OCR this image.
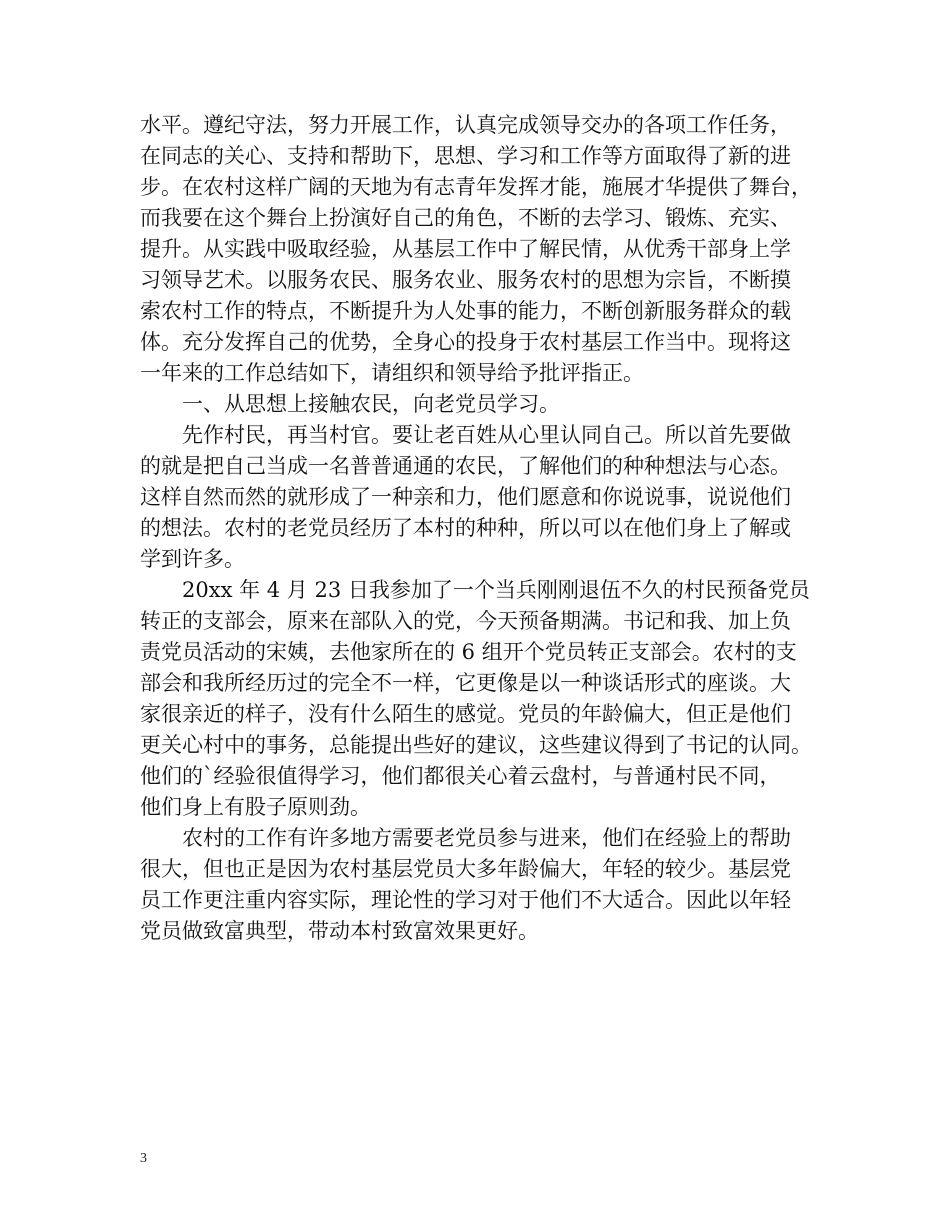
水平。遵纪守法，努力开展工作，认真完成领导交办的各项工作任务，

在同志的关心、支持和帮助下，思想、学习和工作等方面取得了新的进

步。在农村这样广阔的天地为有志青年发挥才能，施展才华提供了舞台，

而我要在这个舞台上扮演好自己的角色，不断的去学习、锻炼、充实、

提升。从实践中吸取经验，从基层工作中了解民情，从优秀干部身上学

习领导艺术。以服务农民、服务农业、服务农村的思想为宗旨，不断摸

索农村工作的特点，不断提升为人处事的能力，不断创新服务群众的载

体。充分发挥自己的优势，全身心的投身于农村基层工作当中。现将这

一年来的工作总结如下，请组织和领导给予批评指正。

一、从思想上接触农民，向老党员学习。

先作村民，再当村官。要让老百姓从心里认同自己。所以首先要做

的就是把自己当成一名普普通通的农民，了解他们的种种想法与心态。

这样自然而然的就形成了一种亲和力，他们愿意和你说说事，说说他们

的想法。农村的老党员经历了本村的种种，所以可以在他们身上了解或

学到许多。

20xx 年 4 月 23 日我参加了一个当兵刚刚退伍不久的村民预备党员

转正的支部会，原来在部队入的党，今天预备期满。书记和我、加上负

责党员活动的宋姨，去他家所在的 6 组开个党员转正支部会。农村的支

部会和我所经历过的完全不一样，它更像是以一种谈话形式的座谈。大

家很亲近的样子，没有什么陌生的感觉。党员的年龄偏大，但正是他们

更关心村中的事务，总能提出些好的建议，这些建议得到了书记的认同。

他们的`经验很值得学习，他们都很关心着云盘村，与普通村民不同，

他们身上有股子原则劲。

农村的工作有许多地方需要老党员参与进来，他们在经验上的帮助

很大，但也正是因为农村基层党员大多年龄偏大，年轻的较少。基层党

员工作更注重内容实际，理论性的学习对于他们不大适合。因此以年轻

党员做致富典型，带动本村致富效果更好。

3
